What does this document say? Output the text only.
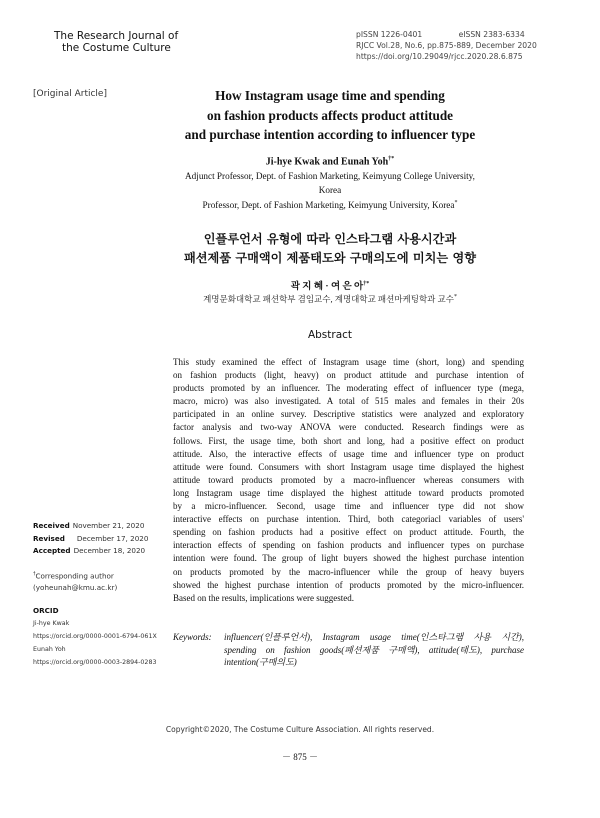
The Research Journal of
the Costume Culture
pISSN 1226-0401	eISSN 2383-6334
RJCC Vol.28, No.6, pp.875-889, December 2020
https://doi.org/10.29049/rjcc.2020.28.6.875
[Original Article]	How Instagram usage time and spending
on fashion products affects product attitude
and purchase intention according to influencer type
Ji-hye Kwak and Eunah Yoh†*
Adjunct Professor, Dept. of Fashion Marketing, Keimyung College University,
Korea
Professor, Dept. of Fashion Marketing, Keimyung University, Korea*
인플루언서 유형에 따라 인스타그램 사용시간과
패션제품 구매액이 제품태도와 구매의도에 미치는 영향
곽 지 혜 · 여 은 아†*
계명문화대학교 패션학부 겸임교수, 계명대학교 패션마케팅학과 교수*
Abstract
This study examined the effect of Instagram usage time (short, long) and spending
on fashion products (light, heavy) on product attitude and purchase intention of
products promoted by an influencer. The moderating effect of influencer type (mega,
macro, micro) was also investigated. A total of 515 males and females in their 20s
participated in an online survey. Descriptive statistics were analyzed and exploratory
factor analysis and two-way ANOVA were conducted. Research findings were as
follows. First, the usage time, both short and long, had a positive effect on product
attitude. Also, the interactive effects of usage time and influencer type on product
attitude were found. Consumers with short Instagram usage time displayed the highest
attitude toward products promoted by a macro-influencer whereas consumers with
long Instagram usage time displayed the highest attitude toward products promoted
by a micro-influencer. Second, usage time and influencer type did not show
interactive effects on purchase intention. Third, both categoriacl variables of users'
spending on fashion products had a positive effect on product attitude. Fourth, the
interaction effects of spending on fashion products and influencer types on purchase
intention were found. The group of light buyers showed the highest purchase intention
on products promoted by the macro-influencer while the group of heavy buyers
showed the highest purchase intention of products promoted by the micro-influencer.
Based on the results, implications were suggested.
Keywords: influencer(인플루언서), Instagram usage time(인스타그램 사용 시간),
spending on fashion goods(패션제품 구매액), attitude(태도), purchase
intention(구매의도)
Received November 21, 2020
Revised December 17, 2020
Accepted December 18, 2020
†Corresponding author
(yoheunah@kmu.ac.kr)
ORCID
Ji-hye Kwak
https://orcid.org/0000-0001-6794-061X
Eunah Yoh
https://orcid.org/0000-0003-2894-0283
Copyright©2020, The Costume Culture Association. All rights reserved.
－ 875 －
